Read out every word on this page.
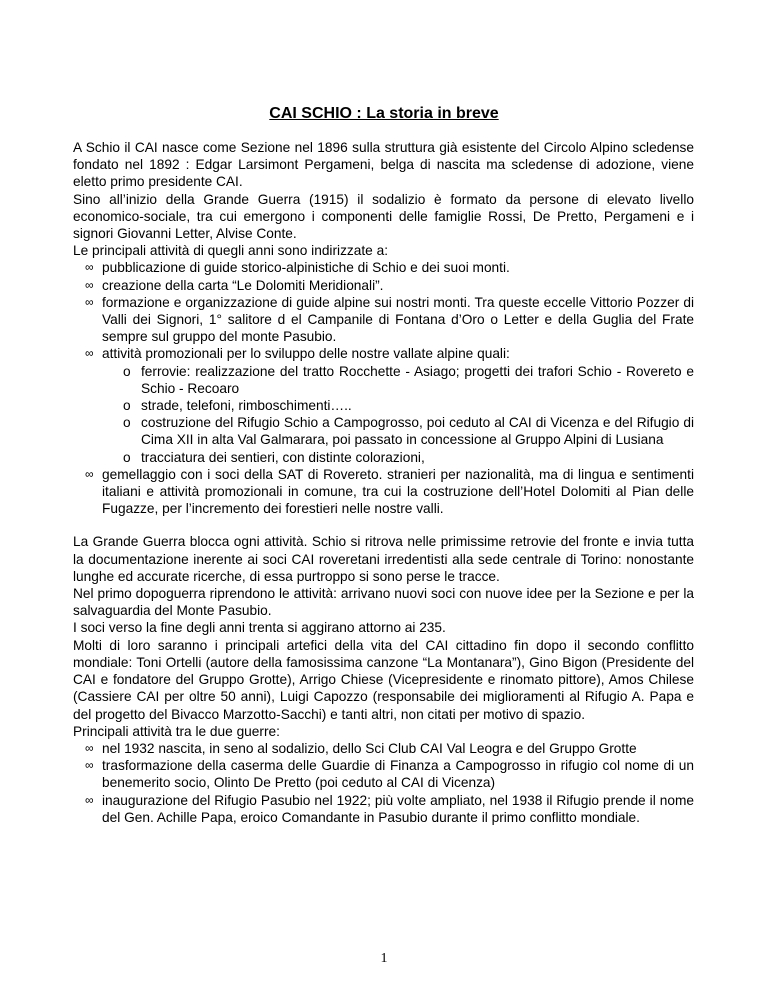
CAI SCHIO : La storia in breve

A Schio il CAI nasce come Sezione nel 1896 sulla struttura già esistente del Circolo Alpino scledense fondato nel 1892 : Edgar Larsimont Pergameni, belga di nascita ma scledense di adozione, viene eletto primo presidente CAI.

Sino all’inizio della Grande Guerra (1915) il sodalizio è formato da persone di elevato livello economico-sociale, tra cui emergono i componenti delle famiglie Rossi, De Pretto, Pergameni e i signori Giovanni Letter, Alvise Conte.

Le principali attività di quegli anni sono indirizzate a:

∞ pubblicazione di guide storico-alpinistiche di Schio e dei suoi monti.
∞ creazione della carta “Le Dolomiti Meridionali”.
∞ formazione e organizzazione di guide alpine sui nostri monti. Tra queste eccelle Vittorio Pozzer di Valli dei Signori, 1° salitore d el Campanile di Fontana d’Oro o Letter e della Guglia del Frate sempre sul gruppo del monte Pasubio.
∞ attività promozionali per lo sviluppo delle nostre vallate alpine quali:
o ferrovie: realizzazione del tratto Rocchette - Asiago; progetti dei trafori Schio - Rovereto e Schio - Recoaro
o strade, telefoni, rimboschimenti…..
o costruzione del Rifugio Schio a Campogrosso, poi ceduto al CAI di Vicenza e del Rifugio di Cima XII in alta Val Galmarara, poi passato in concessione al Gruppo Alpini di Lusiana
o tracciatura dei sentieri, con distinte colorazioni,
∞ gemellaggio con i soci della SAT di Rovereto. stranieri per nazionalità, ma di lingua e sentimenti italiani e attività promozionali in comune, tra cui la costruzione dell’Hotel Dolomiti al Pian delle Fugazze, per l’incremento dei forestieri nelle nostre valli.

La Grande Guerra blocca ogni attività. Schio si ritrova nelle primissime retrovie del fronte e invia tutta la documentazione inerente ai soci CAI roveretani irredentisti alla sede centrale di Torino: nonostante lunghe ed accurate ricerche, di essa purtroppo si sono perse le tracce.

Nel primo dopoguerra riprendono le attività: arrivano nuovi soci con nuove idee per la Sezione e per la salvaguardia del Monte Pasubio.

I soci verso la fine degli anni trenta si aggirano attorno ai 235.

Molti di loro saranno i principali artefici della vita del CAI cittadino fin dopo il secondo conflitto mondiale: Toni Ortelli (autore della famosissima canzone “La Montanara”), Gino Bigon (Presidente del CAI e fondatore del Gruppo Grotte), Arrigo Chiese (Vicepresidente e rinomato pittore), Amos Chilese (Cassiere CAI per oltre 50 anni), Luigi Capozzo (responsabile dei miglioramenti al Rifugio A. Papa e del progetto del Bivacco Marzotto-Sacchi) e tanti altri, non citati per motivo di spazio.

Principali attività tra le due guerre:

∞ nel 1932 nascita, in seno al sodalizio, dello Sci Club CAI Val Leogra e del Gruppo Grotte
∞ trasformazione della caserma delle Guardie di Finanza a Campogrosso in rifugio col nome di un benemerito socio, Olinto De Pretto (poi ceduto al CAI di Vicenza)
∞ inaugurazione del Rifugio Pasubio nel 1922; più volte ampliato, nel 1938 il Rifugio prende il nome del Gen. Achille Papa, eroico Comandante in Pasubio durante il primo conflitto mondiale.
1
